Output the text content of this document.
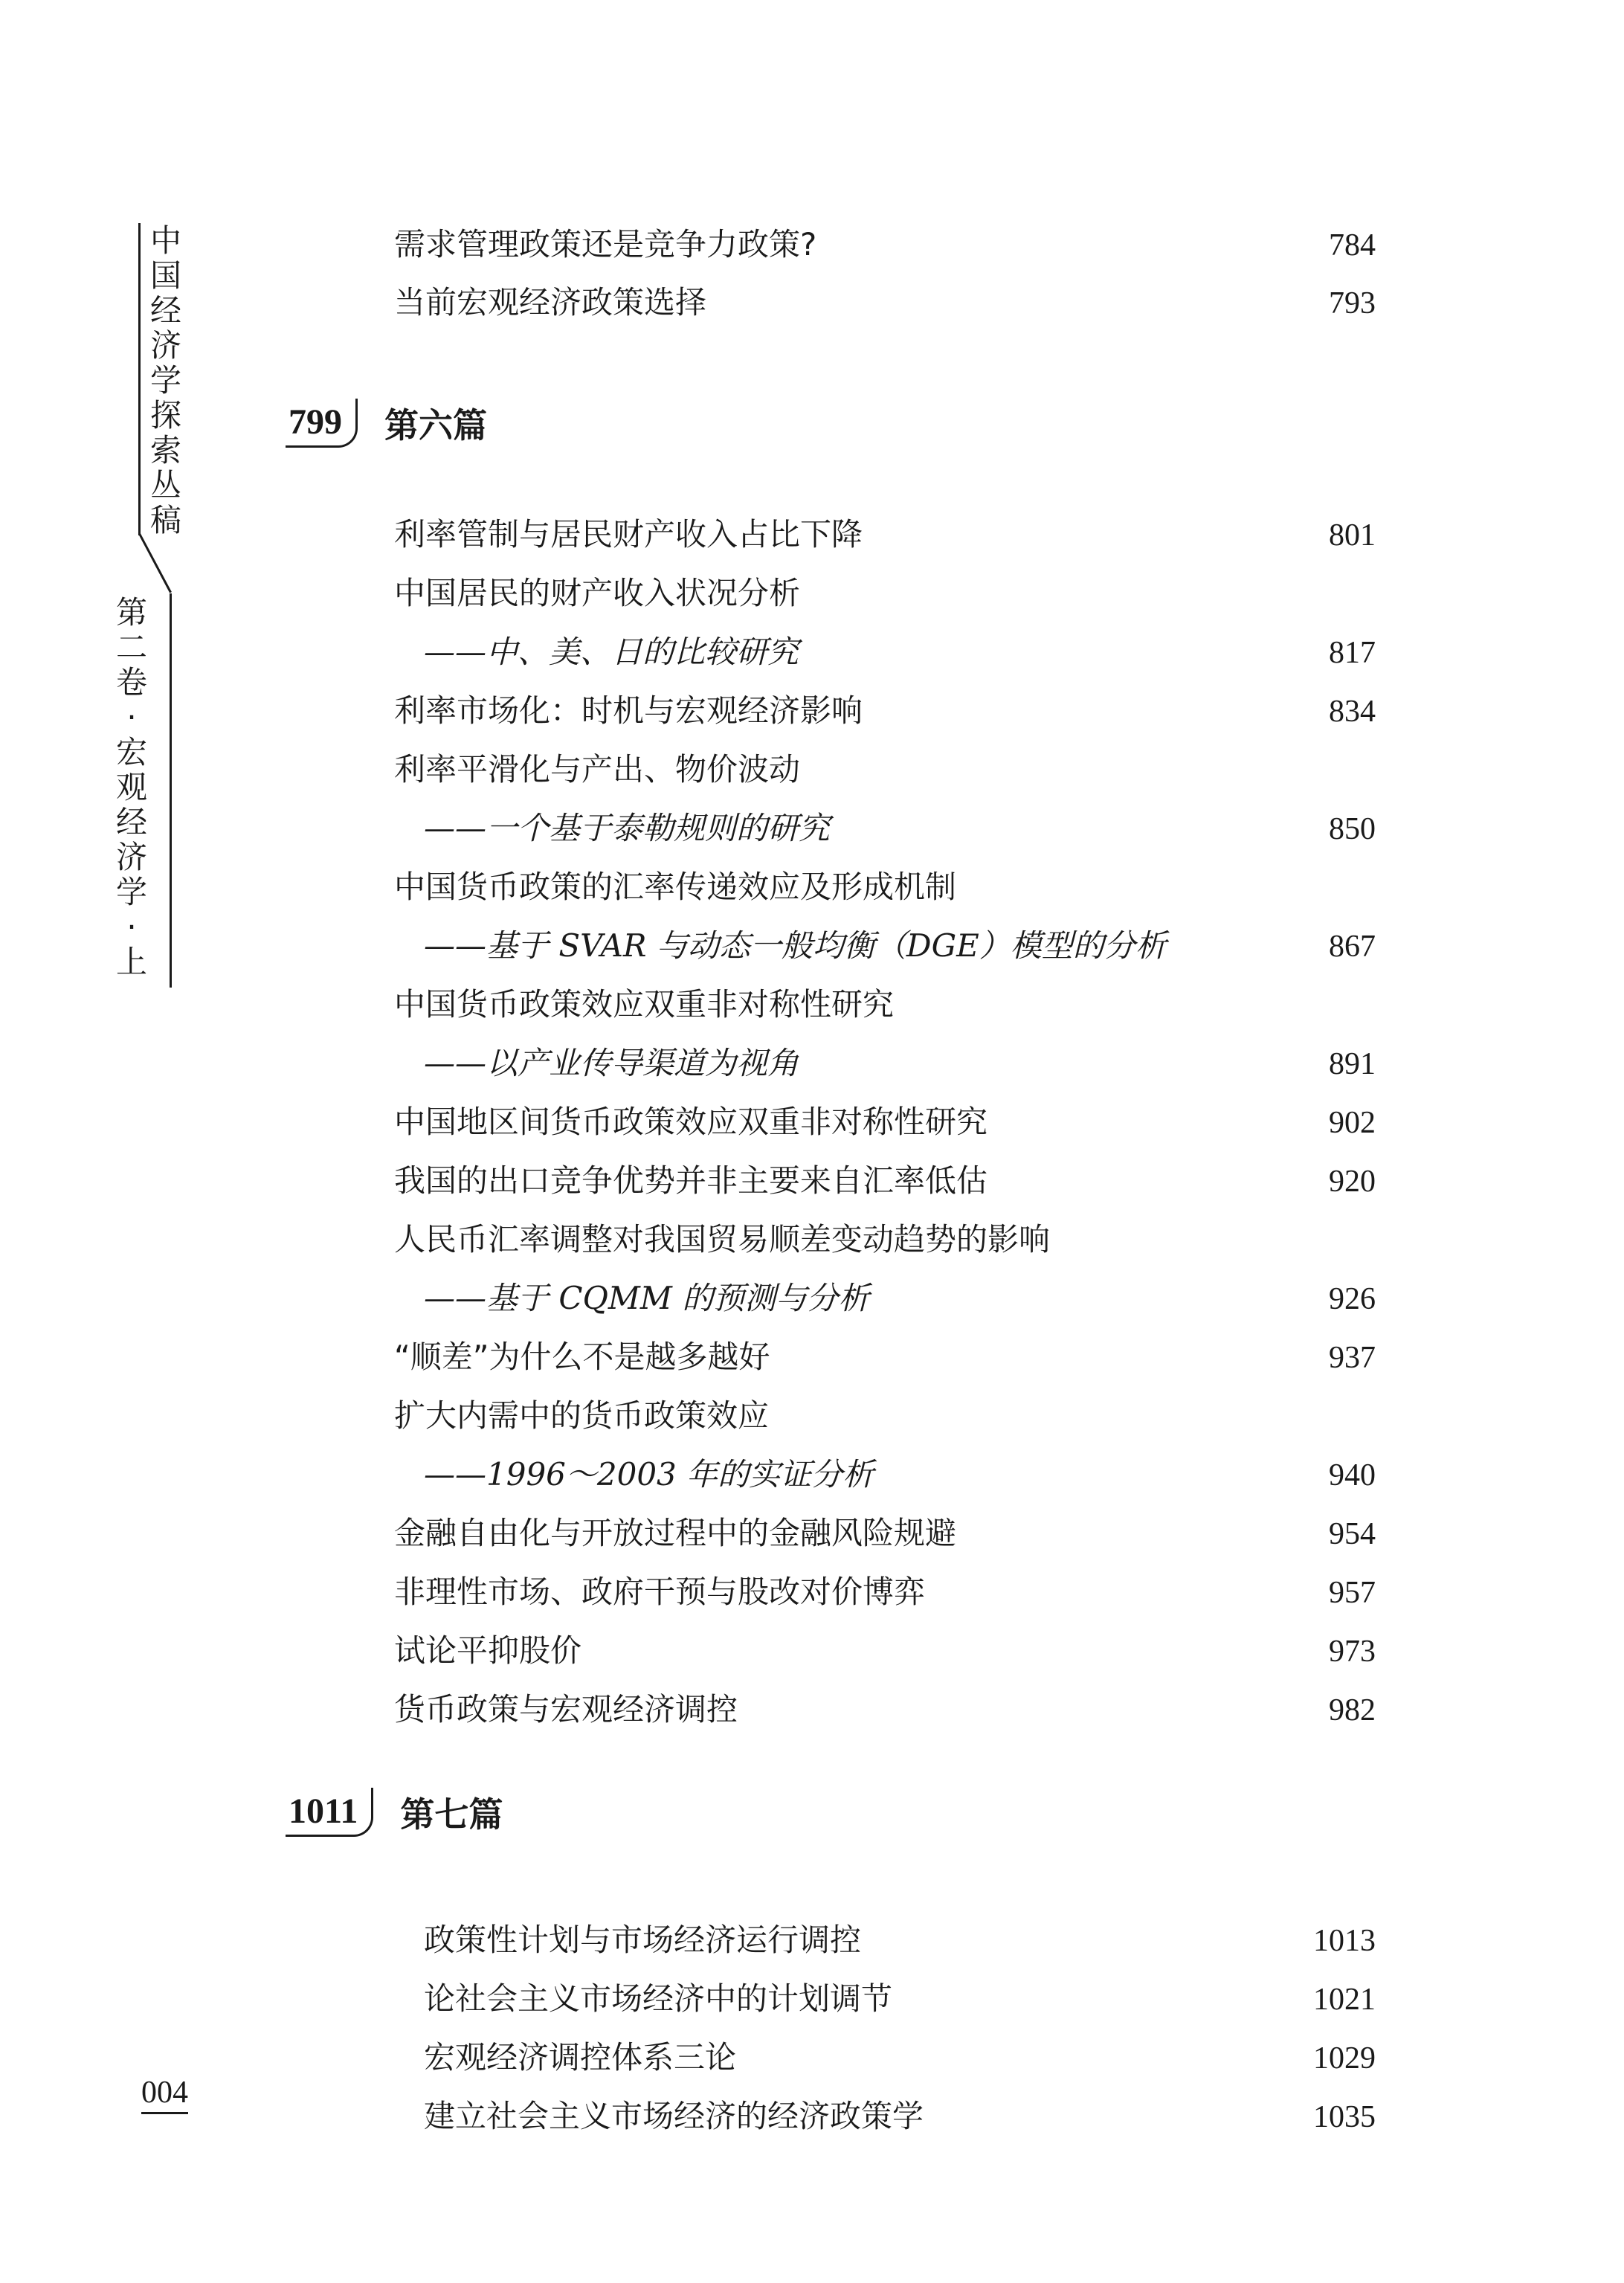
中
国
经
济
学
探
索
丛
稿
第
二
卷
·
宏
观
经
济
学
·
上
需求管理政策还是竞争力政策?	784
当前宏观经济政策选择	793
799	第六篇
利率管制与居民财产收入占比下降	801
中国居民的财产收入状况分析
——中、美、日的比较研究	817
利率市场化：时机与宏观经济影响	834
利率平滑化与产出、物价波动
——一个基于泰勒规则的研究	850
中国货币政策的汇率传递效应及形成机制
——基于 SVAR 与动态一般均衡（DGE）模型的分析	867
中国货币政策效应双重非对称性研究
——以产业传导渠道为视角	891
中国地区间货币政策效应双重非对称性研究	902
我国的出口竞争优势并非主要来自汇率低估	920
人民币汇率调整对我国贸易顺差变动趋势的影响
——基于 CQMM 的预测与分析	926
“顺差”为什么不是越多越好	937
扩大内需中的货币政策效应
——1996～2003 年的实证分析	940
金融自由化与开放过程中的金融风险规避	954
非理性市场、政府干预与股改对价博弈	957
试论平抑股价	973
货币政策与宏观经济调控	982
1011	第七篇
政策性计划与市场经济运行调控	1013
论社会主义市场经济中的计划调节	1021
宏观经济调控体系三论	1029
建立社会主义市场经济的经济政策学	1035
004
